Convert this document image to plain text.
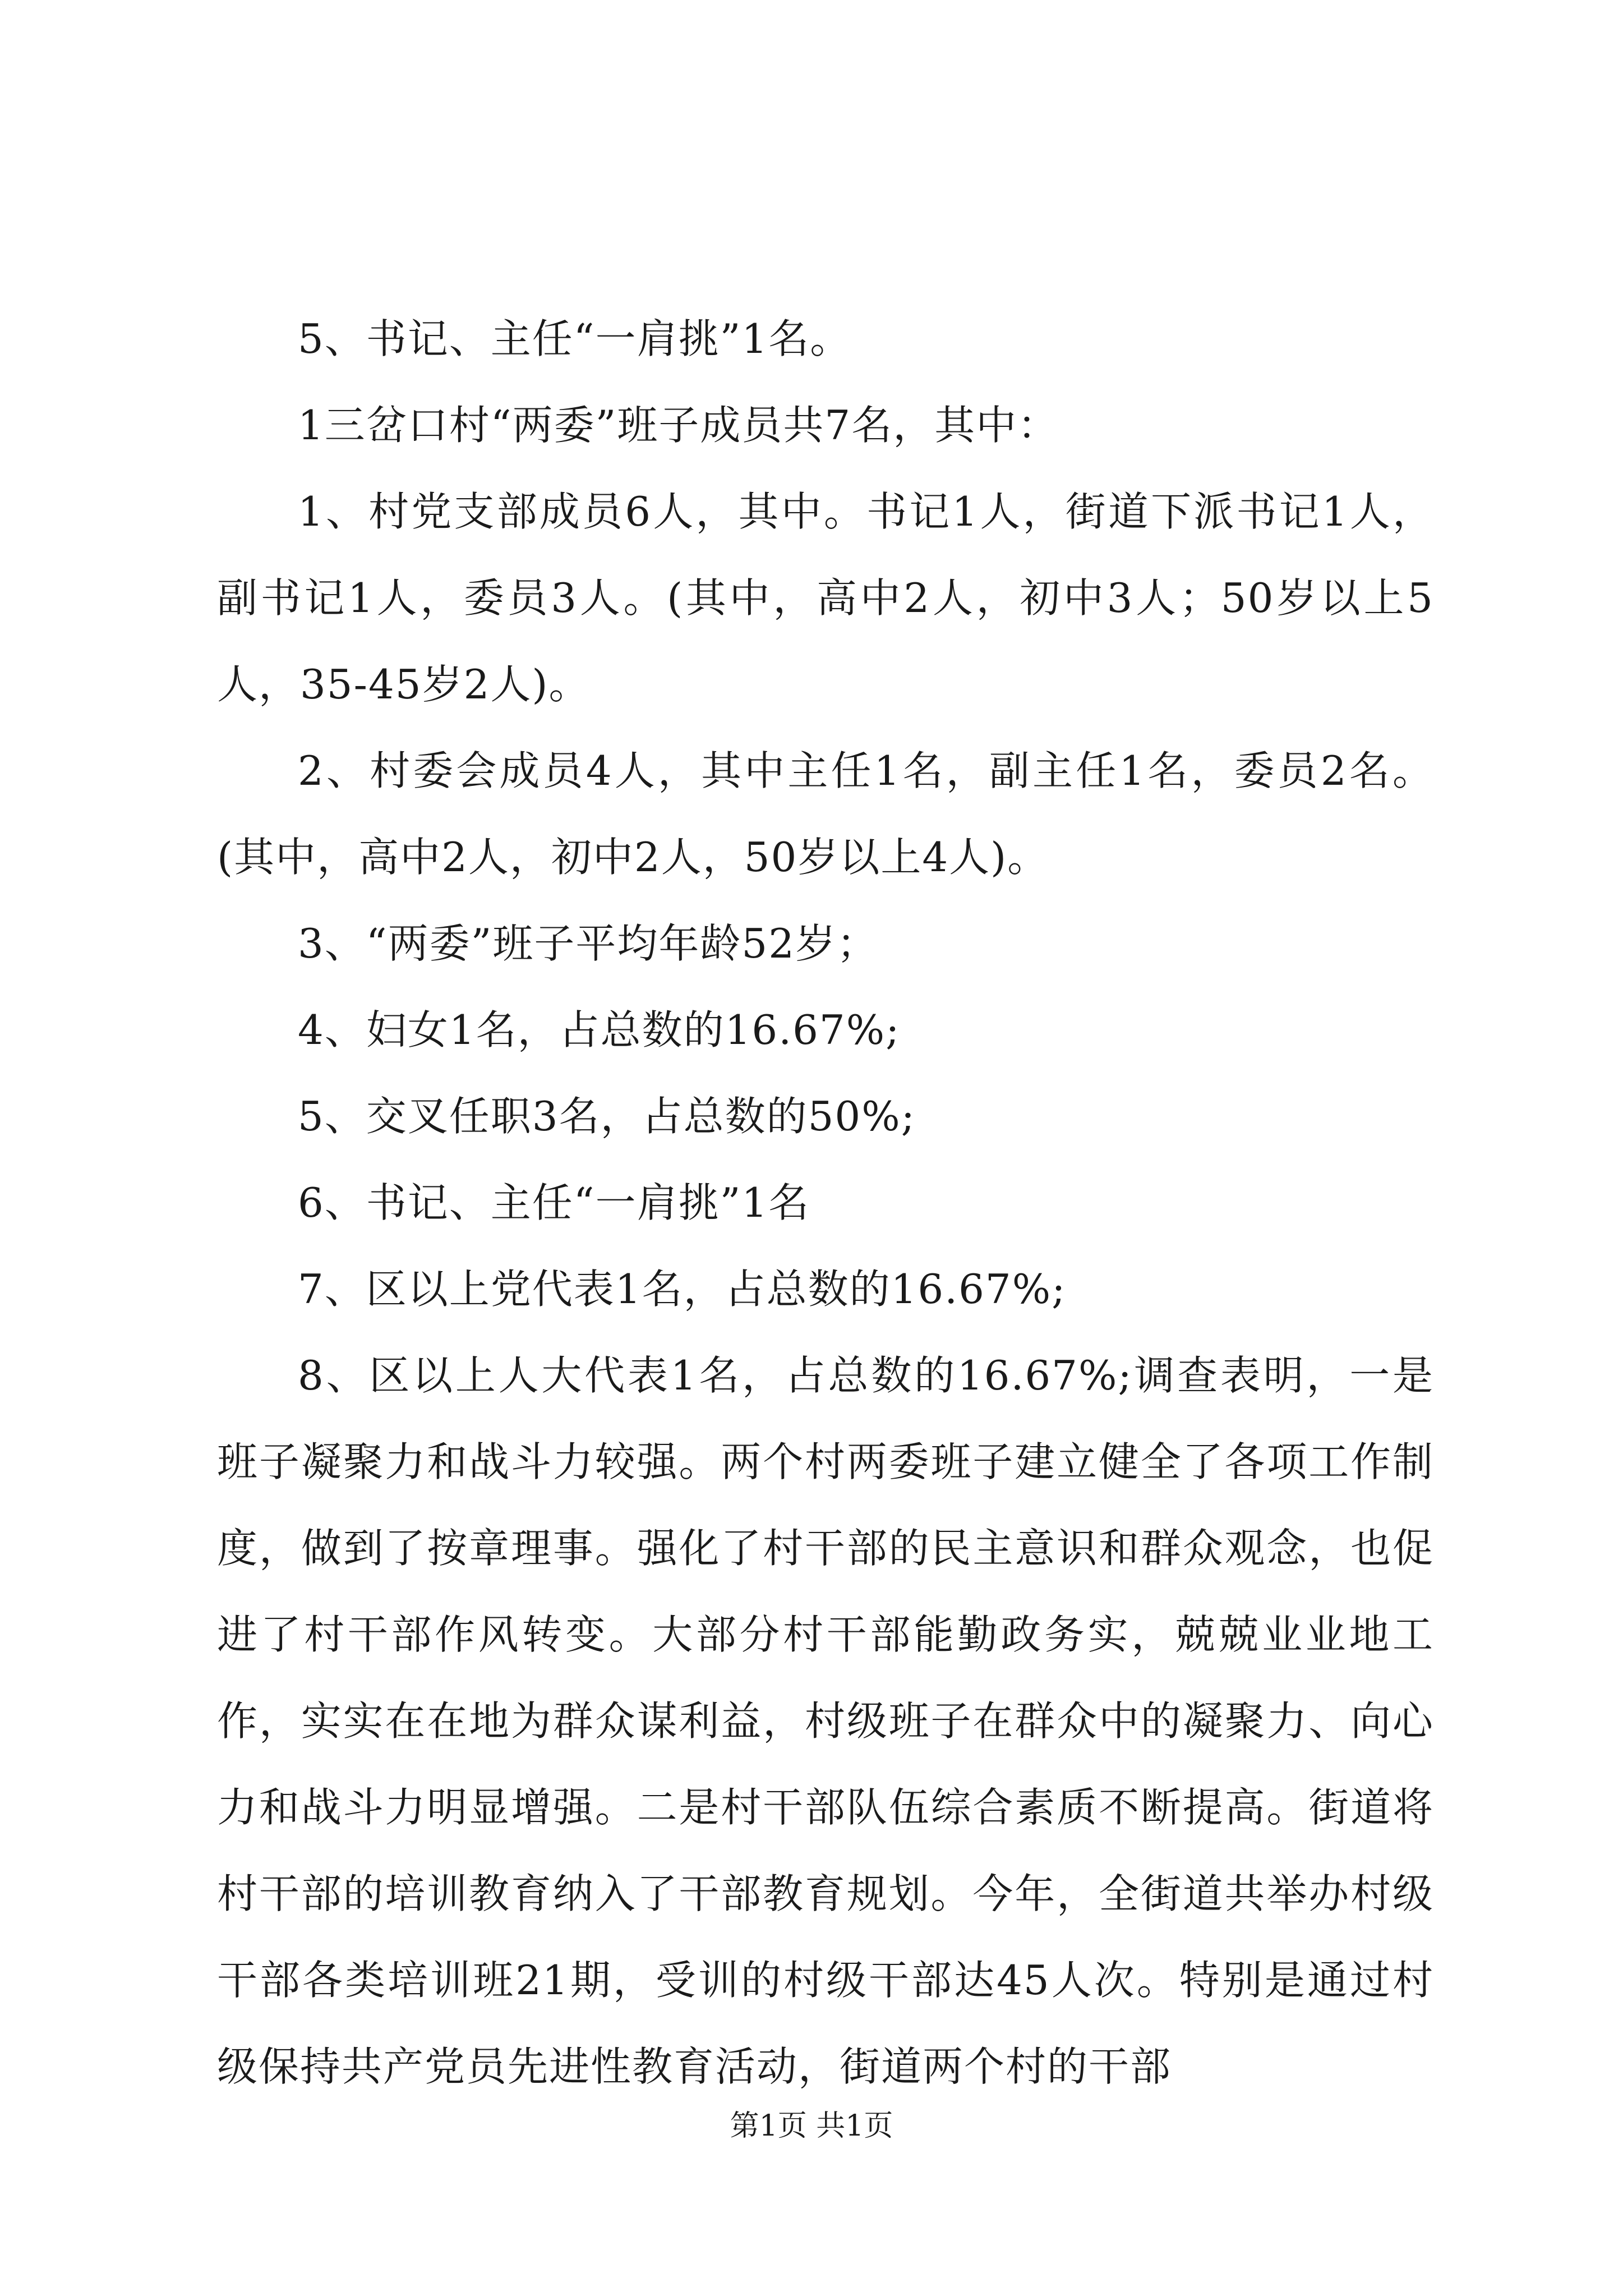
5、书记、主任“一肩挑”1名。

1三岔口村“两委”班子成员共7名，其中：

1、村党支部成员6人，其中。书记1人，街道下派书记1人，副书记1人，委员3人。(其中，高中2人，初中3人；50岁以上5人，35-45岁2人)。

2、村委会成员4人，其中主任1名，副主任1名，委员2名。(其中，高中2人，初中2人，50岁以上4人)。

3、“两委”班子平均年龄52岁；

4、妇女1名，占总数的16.67%;

5、交叉任职3名，占总数的50%;

6、书记、主任“一肩挑”1名

7、区以上党代表1名，占总数的16.67%;

8、区以上人大代表1名，占总数的16.67%;调查表明，一是班子凝聚力和战斗力较强。两个村两委班子建立健全了各项工作制度，做到了按章理事。强化了村干部的民主意识和群众观念，也促进了村干部作风转变。大部分村干部能勤政务实，兢兢业业地工作，实实在在地为群众谋利益，村级班子在群众中的凝聚力、向心力和战斗力明显增强。二是村干部队伍综合素质不断提高。街道将村干部的培训教育纳入了干部教育规划。今年，全街道共举办村级干部各类培训班21期，受训的村级干部达45人次。特别是通过村级保持共产党员先进性教育活动，街道两个村的干部

第1页 共1页
